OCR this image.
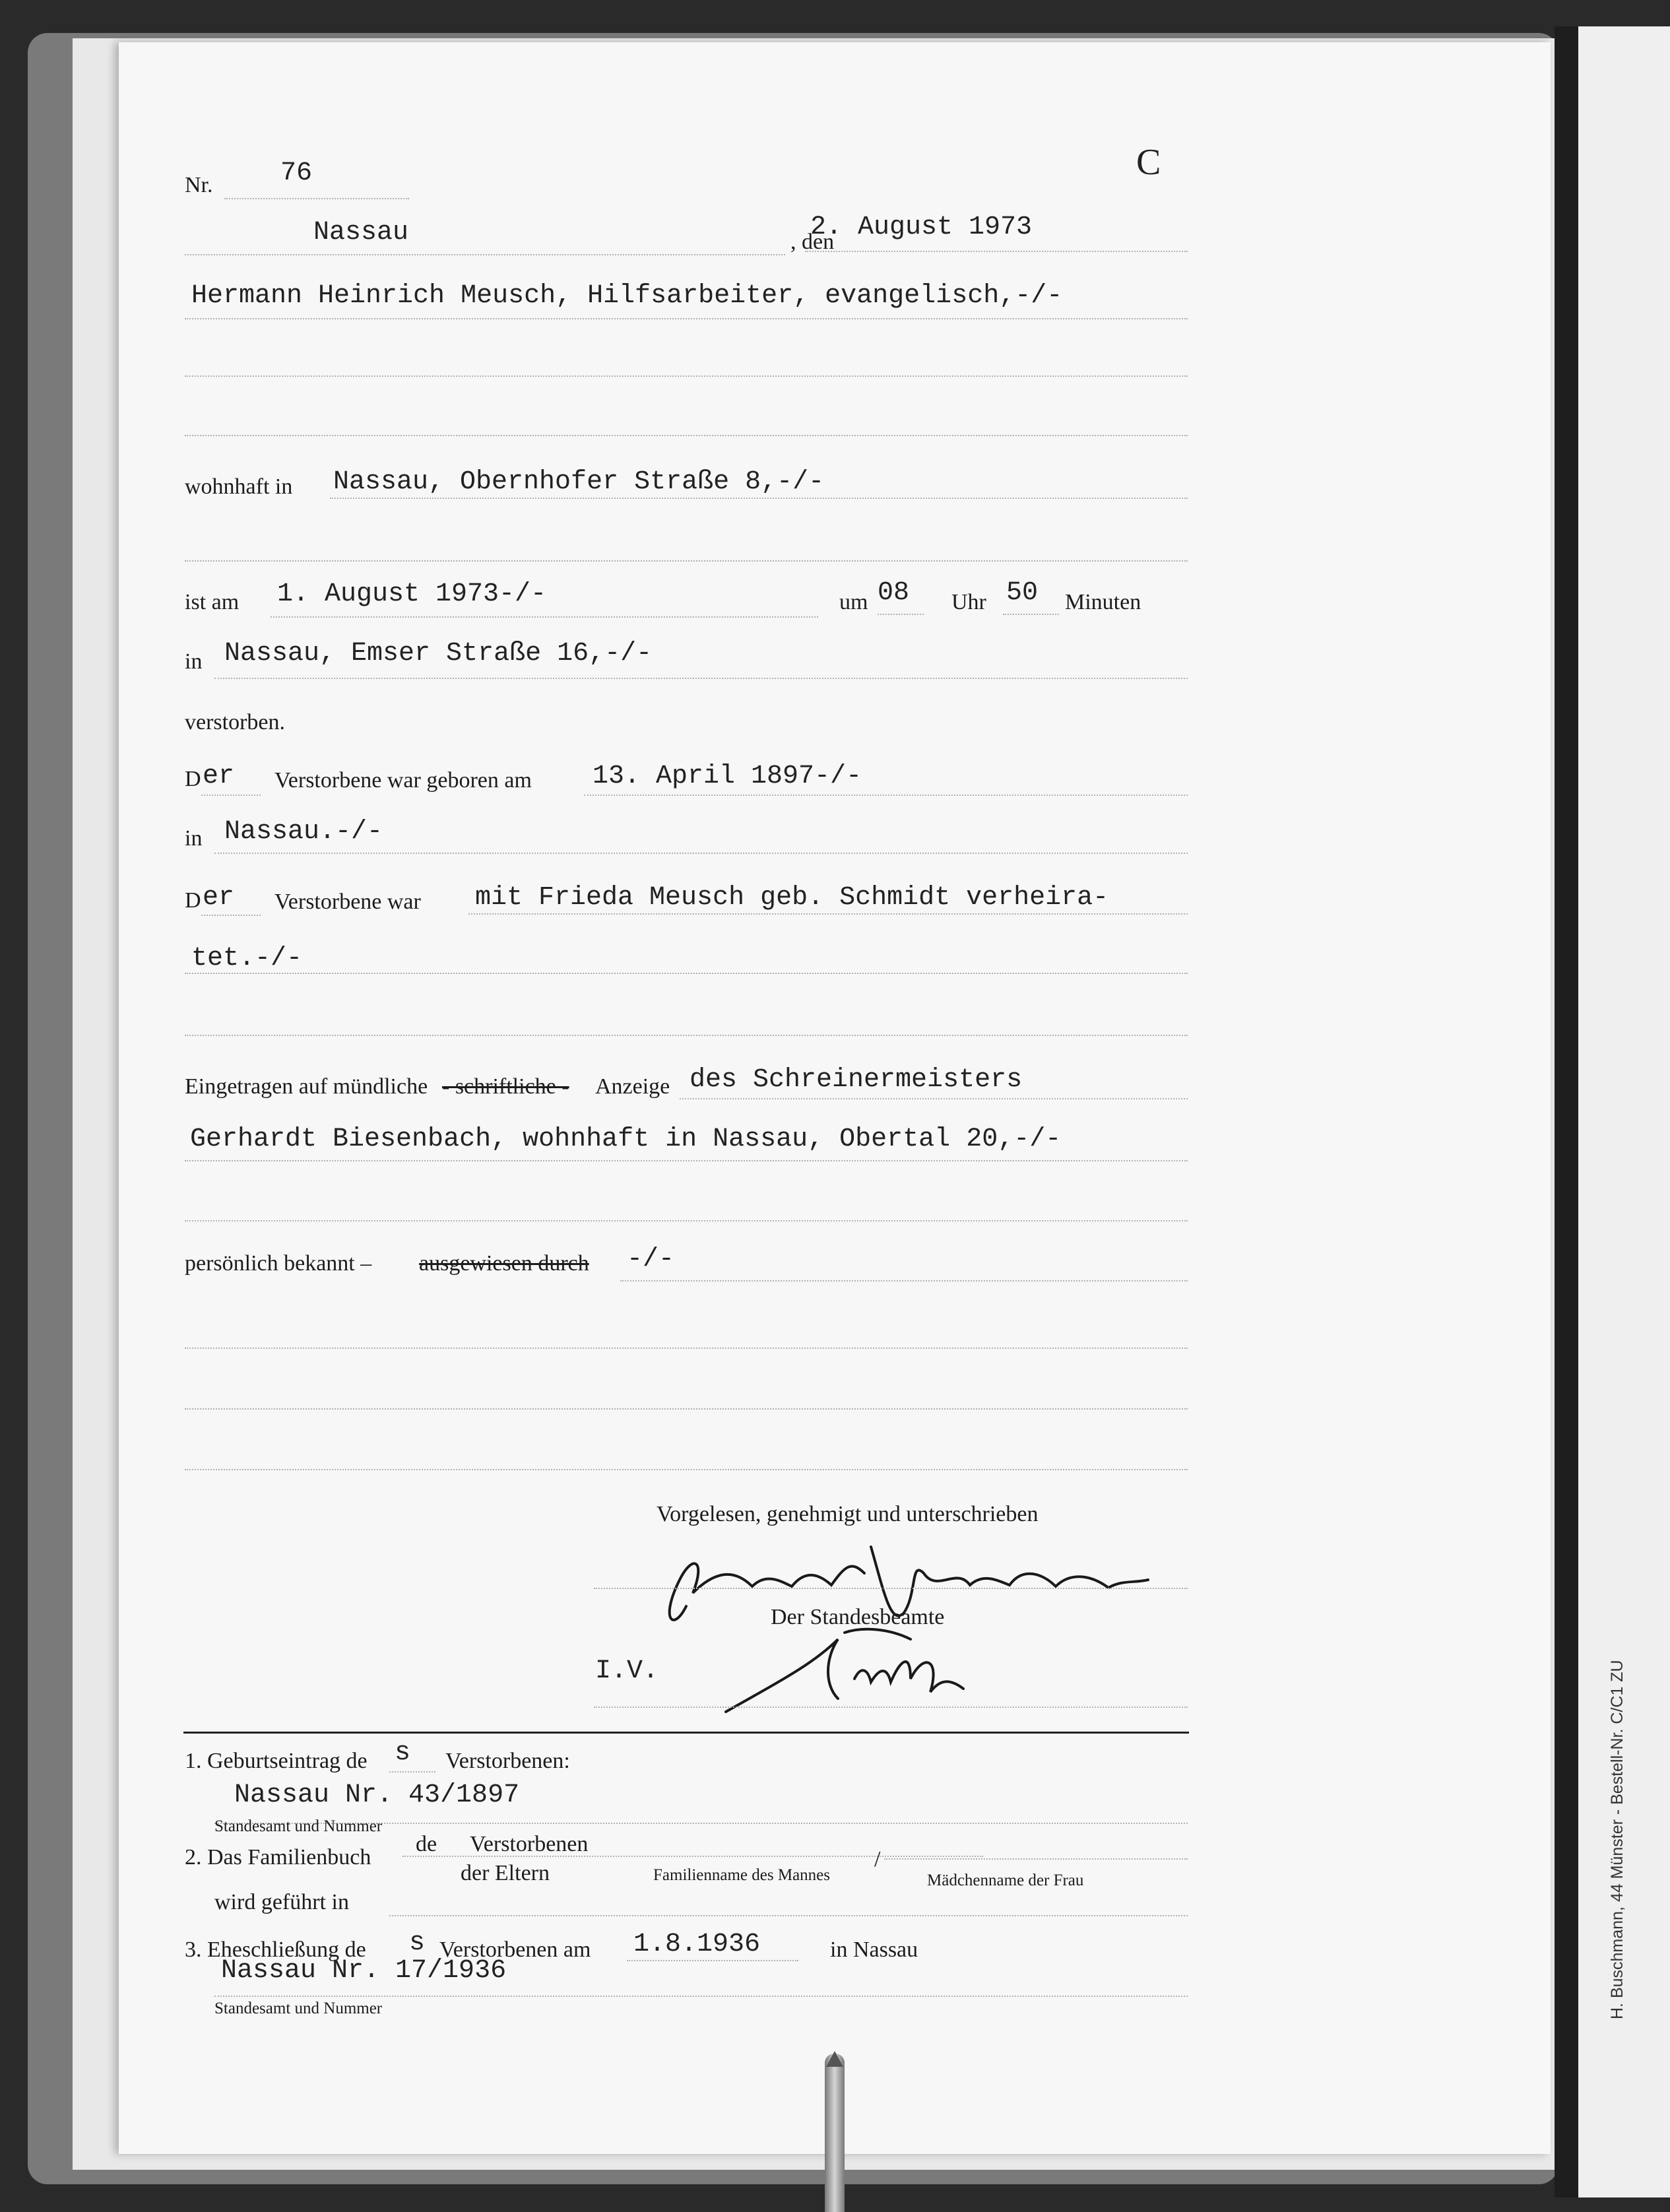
H. Buschmann, 44 Münster - Bestell-Nr. C/C1 ZU
C
Nr.	76
Nassau	, den
2. August 1973
Hermann Heinrich Meusch, Hilfsarbeiter, evangelisch,-/-
wohnhaft in Nassau, Obernhofer Straße 8,-/-
ist am 1. August 1973-/-	um 08 Uhr 50 Minuten
in Nassau, Emser Straße 16,-/-
verstorben.
D er Verstorbene war geboren am 13. April 1897-/-
in Nassau.-/-
D er Verstorbene war mit Frieda Meusch geb. Schmidt verheira-
tet.-/-
Eingetragen auf mündliche - schriftliche - Anzeige des Schreinermeisters
Gerhardt Biesenbach, wohnhaft in Nassau, Obertal 20,-/-
persönlich bekannt – ausgewiesen durch -/-
Vorgelesen, genehmigt und unterschrieben
Der Standesbeamte
I.V.
1. Geburtseintrag de s Verstorbenen:
Nassau Nr. 43/1897
Standesamt und Nummer
2. Das Familienbuch
de Verstorbenen
der Eltern	Familienname des Mannes
/
Mädchenname der Frau
wird geführt in
3. Eheschließung de s Verstorbenen am 1.8.1936	in Nassau
Nassau Nr. 17/1936
Standesamt und Nummer
